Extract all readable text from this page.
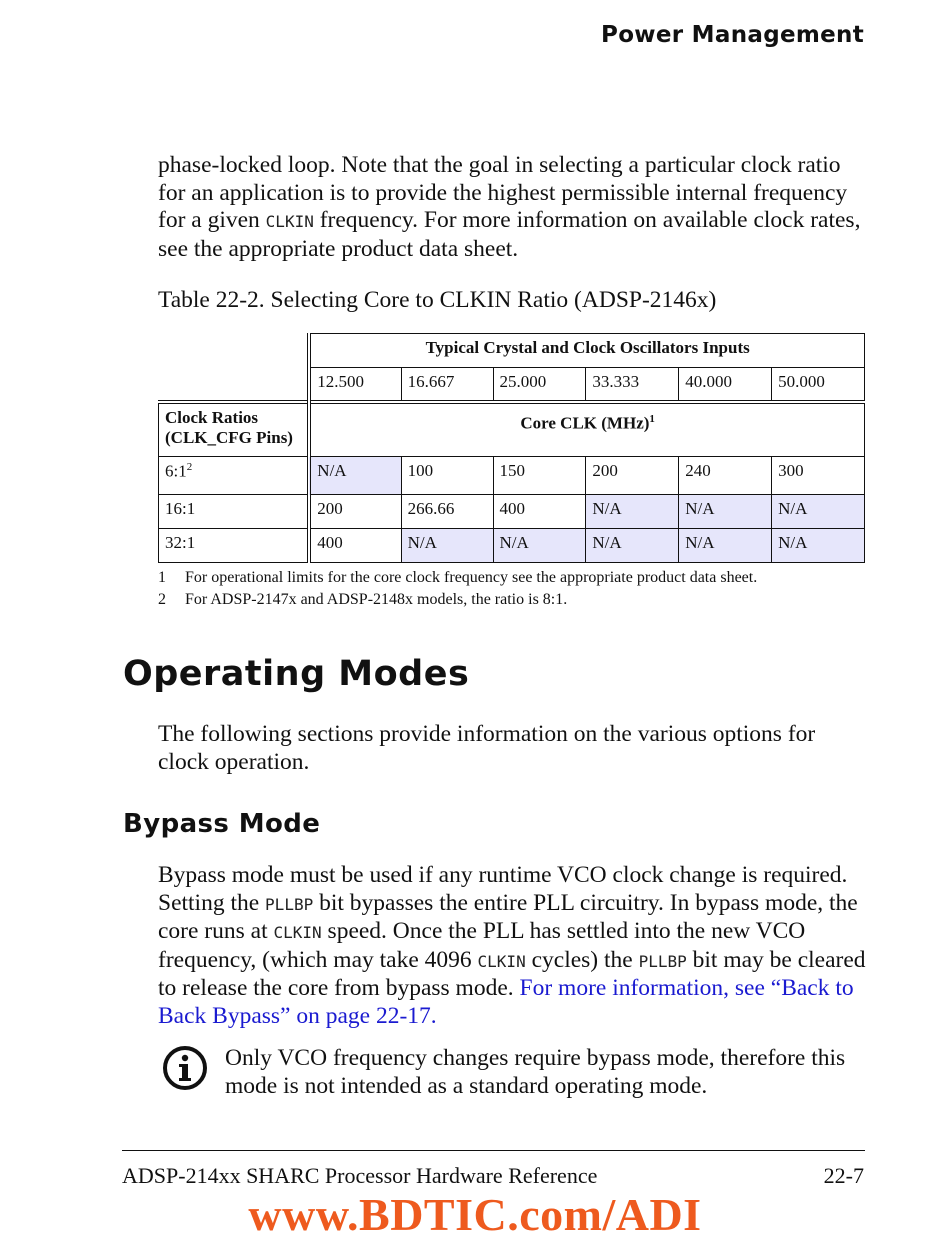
Power Management
phase-locked loop. Note that the goal in selecting a particular clock ratio for an application is to provide the highest permissible internal frequency for a given CLKIN frequency. For more information on available clock rates, see the appropriate product data sheet.
Table 22-2. Selecting Core to CLKIN Ratio (ADSP-2146x)
	Typical Crystal and Clock Oscillators Inputs					
	12.500	16.667	25.000	33.333	40.000	50.000
Clock Ratios (CLK_CFG Pins)	Core CLK (MHz)$^1$
$6:1^2$	N/A	100	150	200	240	300
16:1	200	266.66	400	N/A	N/A	N/A
32:1	400	N/A	N/A	N/A	N/A	N/A
1 For operational limits for the core clock frequency see the appropriate product data sheet.
2 For ADSP-2147x and ADSP-2148x models, the ratio is 8:1.
Operating Modes
The following sections provide information on the various options for clock operation.
Bypass Mode
Bypass mode must be used if any runtime VCO clock change is required. Setting the PLLBP bit bypasses the entire PLL circuitry. In bypass mode, the core runs at CLKIN speed. Once the PLL has settled into the new VCO frequency, (which may take 4096 CLKIN cycles) the PLLBP bit may be cleared to release the core from bypass mode. For more information, see “Back to Back Bypass” on page 22-17.
Only VCO frequency changes require bypass mode, therefore this mode is not intended as a standard operating mode.
ADSP-214xx SHARC Processor Hardware Reference	22-7
www.BDTIC.com/ADI
